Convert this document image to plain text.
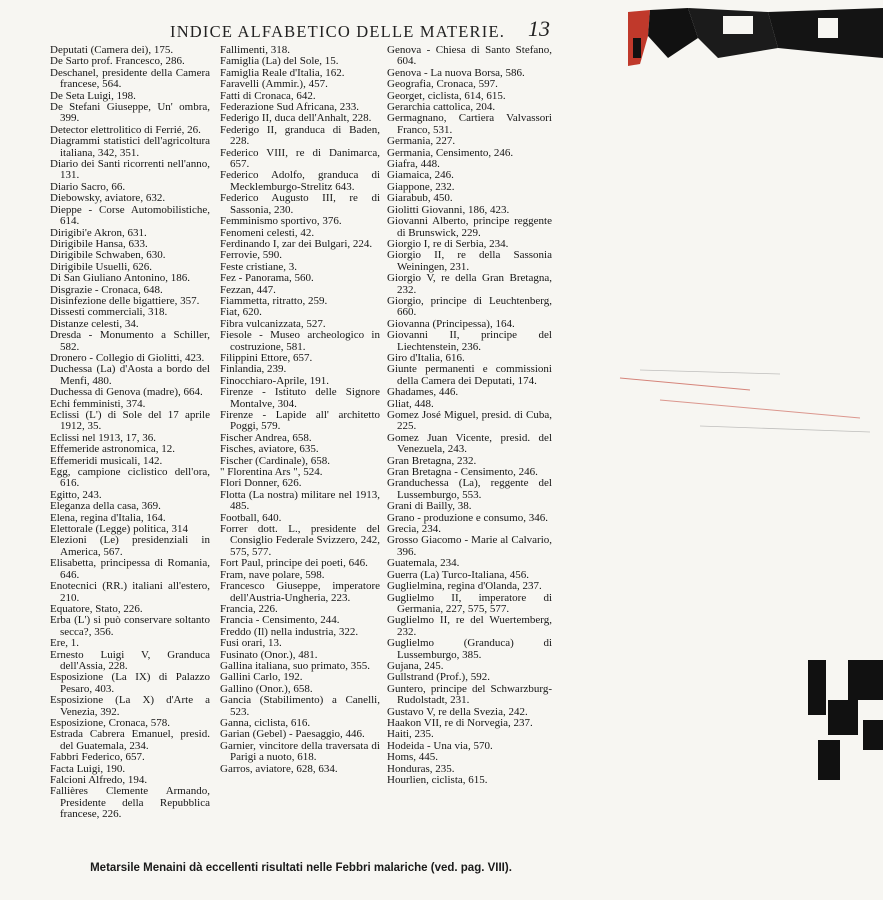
INDICE ALFABETICO DELLE MATERIE. 13

Deputati (Camera dei), 175.

De Sarto prof. Francesco, 286.

Deschanel, presidente della Camera francese, 564.

De Seta Luigi, 198.

De Stefani Giuseppe, Un' ombra, 399.

Detector elettrolitico di Ferrié, 26.

Diagrammi statistici dell'agricoltura italiana, 342, 351.

Diario dei Santi ricorrenti nell'anno, 131.

Diario Sacro, 66.

Diebowsky, aviatore, 632.

Dieppe - Corse Automobilistiche, 614.

Dirigibi'e Akron, 631.

Dirigibile Hansa, 633.

Dirigibile Schwaben, 630.

Dirigibile Usuelli, 626.

Di San Giuliano Antonino, 186.

Disgrazie - Cronaca, 648.

Disinfezione delle bigattiere, 357.

Dissesti commerciali, 318.

Distanze celesti, 34.

Dresda - Monumento a Schiller, 582.

Dronero - Collegio di Giolitti, 423.

Duchessa (La) d'Aosta a bordo del Menfi, 480.

Duchessa di Genova (madre), 664.

Echi femministi, 374.

Eclissi (L') di Sole del 17 aprile 1912, 35.

Eclissi nel 1913, 17, 36.

Effemeride astronomica, 12.

Effemeridi musicali, 142.

Egg, campione ciclistico dell'ora, 616.

Egitto, 243.

Eleganza della casa, 369.

Elena, regina d'Italia, 164.

Elettorale (Legge) politica, 314

Elezioni (Le) presidenziali in America, 567.

Elisabetta, principessa di Romania, 646.

Enotecnici (RR.) italiani all'estero, 210.

Equatore, Stato, 226.

Erba (L') si può conservare soltanto secca?, 356.

Ere, 1.

Ernesto Luigi V, Granduca dell'Assia, 228.

Esposizione (La IX) di Palazzo Pesaro, 403.

Esposizione (La X) d'Arte a Venezia, 392.

Esposizione, Cronaca, 578.

Estrada Cabrera Emanuel, presid. del Guatemala, 234.

Fabbri Federico, 657.

Facta Luigi, 190.

Falcioni Alfredo, 194.

Fallières Clemente Armando, Presidente della Repubblica francese, 226.

Fallimenti, 318.

Famiglia (La) del Sole, 15.

Famiglia Reale d'Italia, 162.

Faravelli (Ammir.), 457.

Fatti di Cronaca, 642.

Federazione Sud Africana, 233.

Federigo II, duca dell'Anhalt, 228.

Federigo II, granduca di Baden, 228.

Federico VIII, re di Danimarca, 657.

Federico Adolfo, granduca di Mecklemburgo-Strelitz 643.

Federico Augusto III, re di Sassonia, 230.

Femminismo sportivo, 376.

Fenomeni celesti, 42.

Ferdinando I, zar dei Bulgari, 224.

Ferrovie, 590.

Feste cristiane, 3.

Fez - Panorama, 560.

Fezzan, 447.

Fiammetta, ritratto, 259.

Fiat, 620.

Fibra vulcanizzata, 527.

Fiesole - Museo archeologico in costruzione, 581.

Filippini Ettore, 657.

Finlandia, 239.

Finocchiaro-Aprile, 191.

Firenze - Istituto delle Signore Montalve, 304.

Firenze - Lapide all' architetto Poggi, 579.

Fischer Andrea, 658.

Fisches, aviatore, 635.

Fischer (Cardinale), 658.

" Florentina Ars ", 524.

Flori Donner, 626.

Flotta (La nostra) militare nel 1913, 485.

Football, 640.

Forrer dott. L., presidente del Consiglio Federale Svizzero, 242, 575, 577.

Fort Paul, principe dei poeti, 646.

Fram, nave polare, 598.

Francesco Giuseppe, imperatore dell'Austria-Ungheria, 223.

Francia, 226.

Francia - Censimento, 244.

Freddo (Il) nella industria, 322.

Fusi orari, 13.

Fusinato (Onor.), 481.

Gallina italiana, suo primato, 355.

Gallini Carlo, 192.

Gallino (Onor.), 658.

Gancia (Stabilimento) a Canelli, 523.

Ganna, ciclista, 616.

Garian (Gebel) - Paesaggio, 446.

Garnier, vincitore della traversata di Parigi a nuoto, 618.

Garros, aviatore, 628, 634.

Genova - Chiesa di Santo Stefano, 604.

Genova - La nuova Borsa, 586.

Geografia, Cronaca, 597.

Georget, ciclista, 614, 615.

Gerarchia cattolica, 204.

Germagnano, Cartiera Valvassori Franco, 531.

Germania, 227.

Germania, Censimento, 246.

Giafra, 448.

Giamaica, 246.

Giappone, 232.

Giarabub, 450.

Giolitti Giovanni, 186, 423.

Giovanni Alberto, principe reggente di Brunswick, 229.

Giorgio I, re di Serbia, 234.

Giorgio II, re della Sassonia Weiningen, 231.

Giorgio V, re della Gran Bretagna, 232.

Giorgio, principe di Leuchtenberg, 660.

Giovanna (Principessa), 164.

Giovanni II, principe del Liechtenstein, 236.

Giro d'Italia, 616.

Giunte permanenti e commissioni della Camera dei Deputati, 174.

Ghadames, 446.

Gliat, 448.

Gomez José Miguel, presid. di Cuba, 225.

Gomez Juan Vicente, presid. del Venezuela, 243.

Gran Bretagna, 232.

Gran Bretagna - Censimento, 246.

Granduchessa (La), reggente del Lussemburgo, 553.

Grani di Bailly, 38.

Grano - produzione e consumo, 346.

Grecia, 234.

Grosso Giacomo - Marie al Calvario, 396.

Guatemala, 234.

Guerra (La) Turco-Italiana, 456.

Guglielmina, regina d'Olanda, 237.

Guglielmo II, imperatore di Germania, 227, 575, 577.

Guglielmo II, re del Wuertemberg, 232.

Guglielmo (Granduca) di Lussemburgo, 385.

Gujana, 245.

Gullstrand (Prof.), 592.

Guntero, principe del Schwarzburg-Rudolstadt, 231.

Gustavo V, re della Svezia, 242.

Haakon VII, re di Norvegia, 237.

Haiti, 235.

Hodeida - Una via, 570.

Homs, 445.

Honduras, 235.

Hourlien, ciclista, 615.

Metarsile Menaini dà eccellenti risultati nelle Febbri malariche (ved. pag. VIII).
